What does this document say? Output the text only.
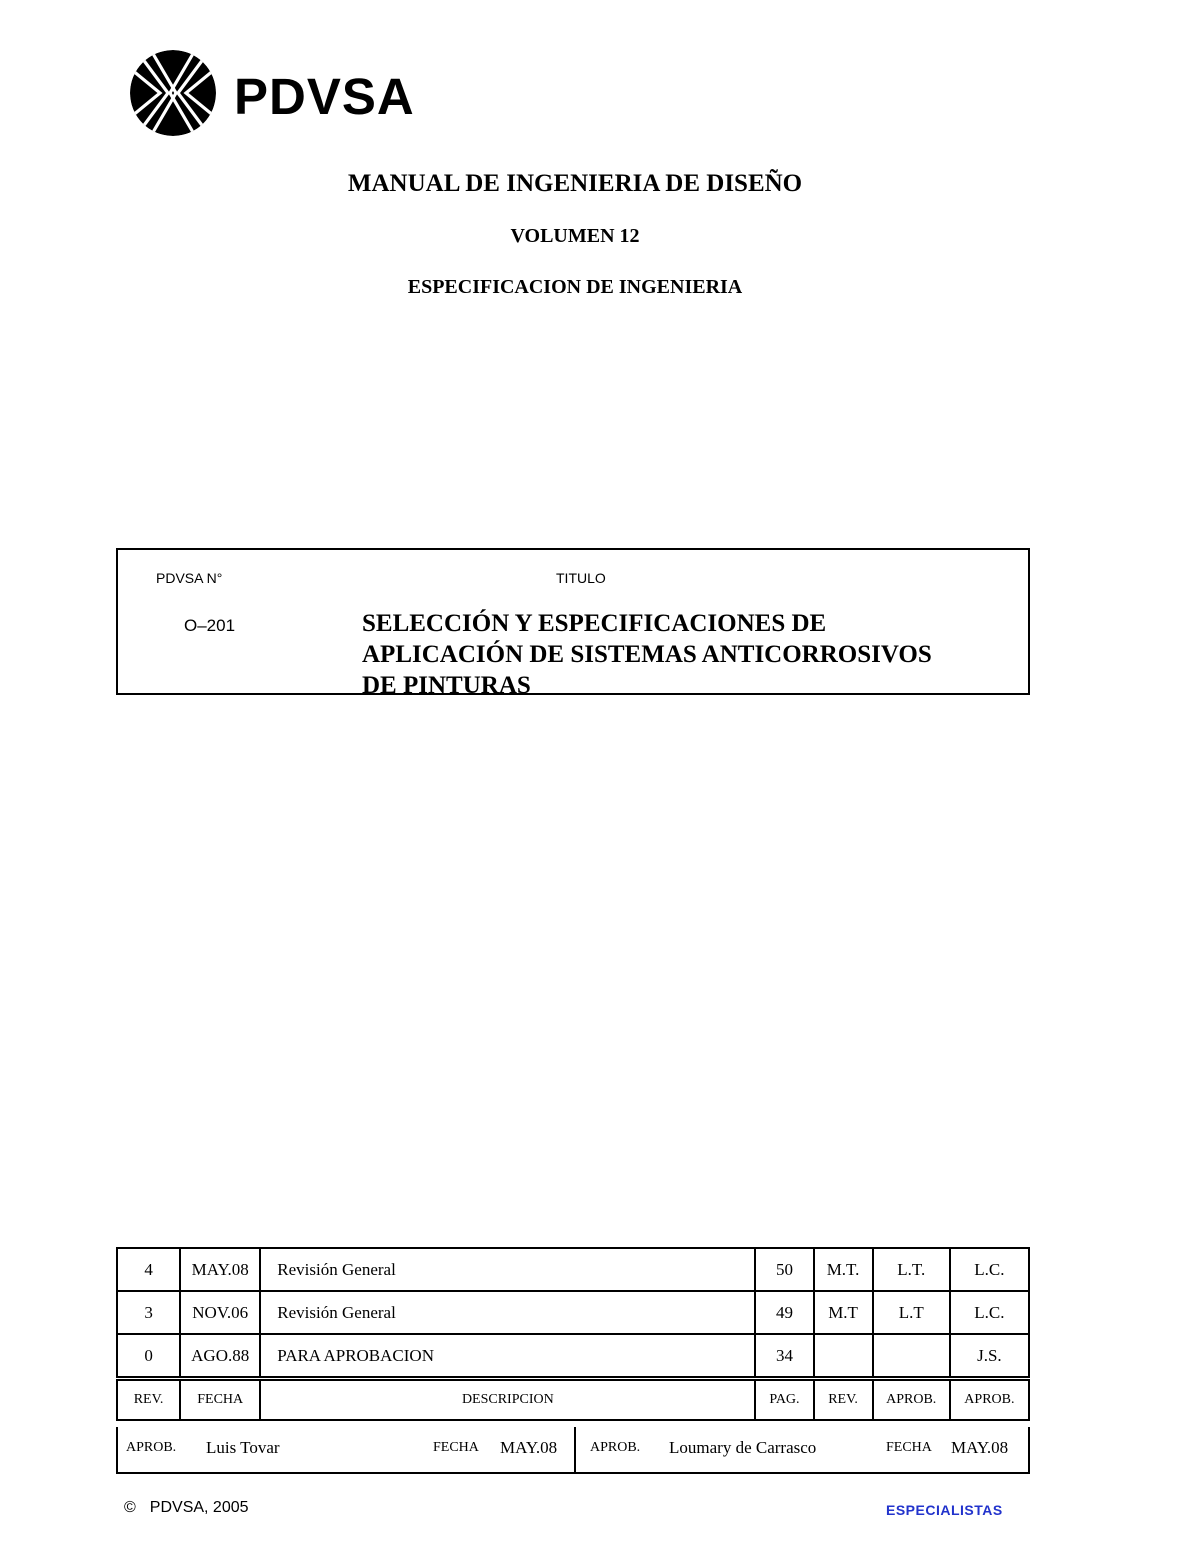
PDVSA
MANUAL DE INGENIERIA DE DISEÑO
VOLUMEN 12
ESPECIFICACION DE INGENIERIA
PDVSA N°	TITULO
O–201	SELECCIÓN Y ESPECIFICACIONES DE
APLICACIÓN DE SISTEMAS ANTICORROSIVOS
DE PINTURAS
4	MAY.08	Revisión General	50	M.T.	L.T.	L.C.
3	NOV.06	Revisión General	49	M.T	L.T	L.C.
0	AGO.88	PARA APROBACION	34			J.S.
REV.	FECHA	DESCRIPCION	PAG.	REV.	APROB.	APROB.
APROB. Luis Tovar	FECHA MAY.08 APROB. Loumary de Carrasco	FECHA MAY.08
© PDVSA, 2005	ESPECIALISTAS
